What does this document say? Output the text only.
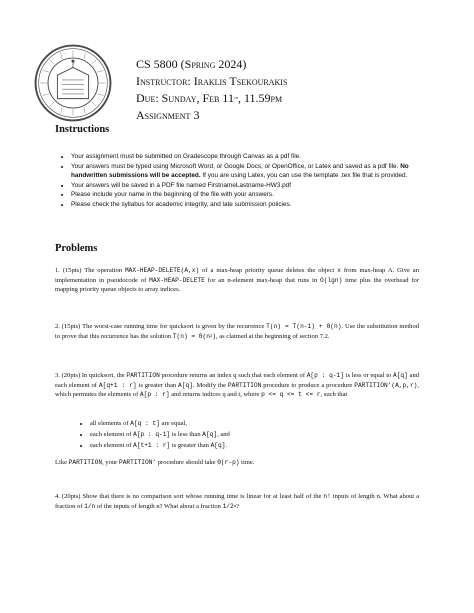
CS 5800 (Spring 2024)
Instructor: Iraklis Tsekourakis
Due: Sunday, Feb 11th, 11.59pm
Assignment 3
Instructions
• Your assignment must be submitted on Gradescope through Canvas as a pdf file.
• Your answers must be typed using Microsoft Word, or Google Docs, or OpenOffice, or Latex and saved as a pdf file. No handwritten submissions will be accepted. If you are using Latex, you can use the template .tex file that is provided.
• Your answers will be saved in a PDF file named FirstnameLastname-HW3.pdf
• Please include your name in the beginning of the file with your answers.
• Please check the syllabus for academic integrity, and late submission policies.
Problems
1. (15pts) The operation MAX-HEAP-DELETE(A,x) of a max-heap priority queue deletes the object x from max-heap A. Give an implementation in pseudocode of MAX-HEAP-DELETE for an n-element max-heap that runs in O(lgn) time plus the overhead for mapping priority queue objects to array indices.
2. (15pts) The worst-case running time for quicksort is given by the recurrence T(n) = T(n-1) + Θ(n). Use the substitution method to prove that this recurrence has the solution $T(n) = \Theta(n^2)$, as claimed at the beginning of section 7.2.
3. (20pts) In quicksort, the PARTITION procedure returns an index q such that each element of A[p : q-1] is less or equal to A[q] and each element of A[q+1 : r] is greater than A[q]. Modify the PARTITION procedure to produce a procedure PARTITION’(A,p,r), which permutes the elements of A[p : r] and returns indices q and t, where p <= q <= t <= r, such that
• all elements of A[q : t] are equal,
• each element of A[p : q-1] is less than A[q], and
• each element of A[t+1 : r] is greater than A[q].
Like PARTITION, your PARTITION’ procedure should take Θ(r-p) time.
4. (20pts) Show that there is no comparison sort whose running time is linear for at least half of the n! inputs of length n. What about a fraction of 1/n of the inputs of length n? What about a fraction 1/2$^n$?
